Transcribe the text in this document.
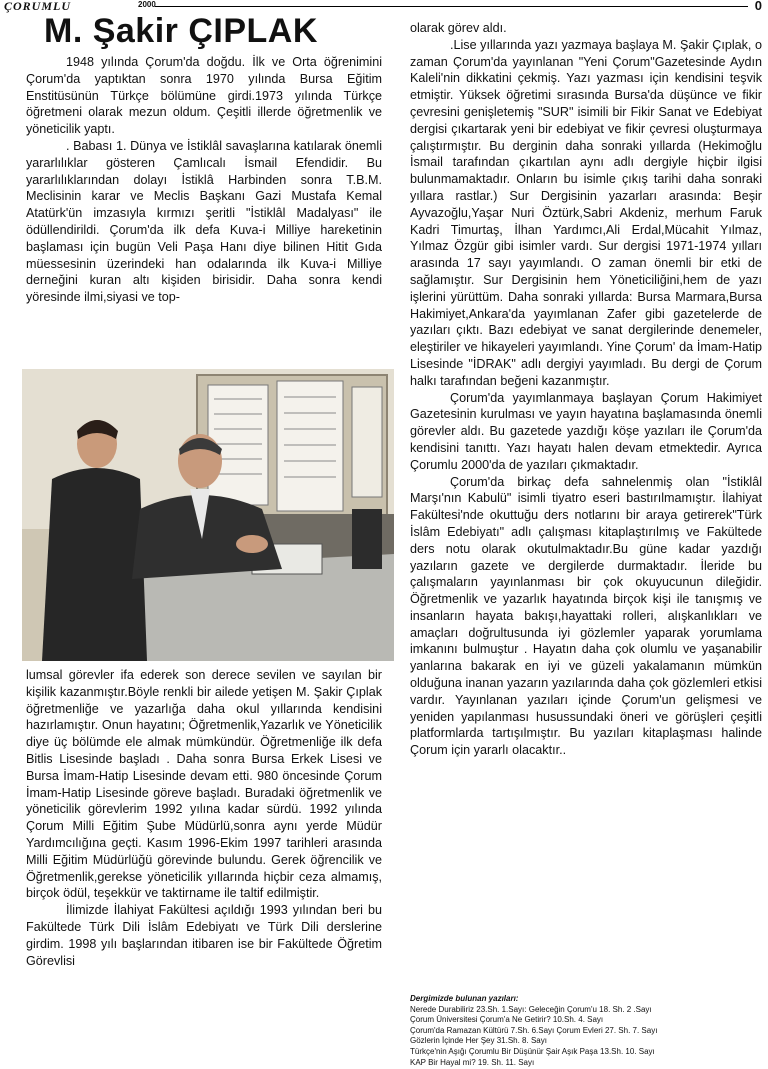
ÇORUMLU	2000	0
M. Şakir ÇIPLAK

1948 yılında Çorum'da doğdu. İlk ve Orta öğrenimini Çorum'da yaptıktan sonra 1970 yılında Bursa Eğitim Enstitüsünün Türkçe bölümüne girdi.1973 yılında Türkçe öğretmeni olarak mezun oldum. Çeşitli illerde öğretmenlik ve yöneticilik yaptı.

. Babası 1. Dünya ve İstiklâl savaşlarına katılarak önemli yararlılıklar gösteren Çamlıcalı İsmail Efendidir. Bu yararlılıklarından dolayı İstiklâ Harbinden sonra T.B.M. Meclisinin karar ve Meclis Başkanı Gazi Mustafa Kemal Atatürk'ün imzasıyla kırmızı şeritli "İstiklâl Madalyası" ile ödüllendirildi. Çorum'da ilk defa Kuva-i Milliye hareketinin başlaması için bugün Veli Paşa Hanı diye bilinen Hitit Gıda müessesinin üzerindeki han odalarında ilk Kuva-i Milliye derneğini kuran altı kişiden birisidir. Daha sonra kendi yöresinde ilmi,siyasi ve top-

lumsal görevler ifa ederek son derece sevilen ve sayılan bir kişilik kazanmıştır.Böyle renkli bir ailede yetişen M. Şakir Çıplak öğretmenliğe ve yazarlığa daha okul yıllarında kendisini hazırlamıştır. Onun hayatını; Öğretmenlik,Yazarlık ve Yöneticilik diye üç bölümde ele almak mümkündür. Öğretmenliğe ilk defa Bitlis Lisesinde başladı . Daha sonra Bursa Erkek Lisesi ve Bursa İmam-Hatip Lisesinde devam etti. 980 öncesinde Çorum İmam-Hatip Lisesinde göreve başladı. Buradaki öğretmenlik ve yöneticilik görevlerim 1992 yılına kadar sürdü. 1992 yılında Çorum Milli Eğitim Şube Müdürlü,sonra aynı yerde Müdür Yardımcılığına geçti. Kasım 1996-Ekim 1997 tarihleri arasında Milli Eğitim Müdürlüğü görevinde bulundu. Gerek öğrencilik ve Öğretmenlik,gerekse yöneticilik yıllarında hiçbir ceza almamış, birçok ödül, teşekkür ve taktirname ile taltif edilmiştir.

İlimizde İlahiyat Fakültesi açıldığı 1993 yılından beri bu Fakültede Türk Dili İslâm Edebiyatı ve Türk Dili derslerine girdim. 1998 yılı başlarından itibaren ise bir Fakültede Öğretim Görevlisi

olarak görev aldı.

.Lise yıllarında yazı yazmaya başlaya M. Şakir Çıplak, o zaman Çorum'da yayınlanan "Yeni Çorum"Gazetesinde Aydın Kaleli'nin dikkatini çekmiş. Yazı yazması için kendisini teşvik etmiştir. Yüksek öğretimi sırasında Bursa'da düşünce ve fikir çevresini genişletemiş "SUR" isimili bir Fikir Sanat ve Edebiyat dergisi çıkartarak yeni bir edebiyat ve fikir çevresi oluşturmaya çalıştırmıştır. Bu derginin daha sonraki yıllarda (Hekimoğlu İsmail tarafından çıkartılan aynı adlı dergiyle hiçbir ilgisi bulunmamaktadır. Onların bu isimle çıkış tarihi daha sonraki yıllara rastlar.) Sur Dergisinin yazarları arasında: Beşir Ayvazoğlu,Yaşar Nuri Öztürk,Sabri Akdeniz, merhum Faruk Kadri Timurtaş, İlhan Yardımcı,Ali Erdal,Mücahit Yılmaz, Yılmaz Özgür gibi isimler vardı. Sur dergisi 1971-1974 yılları arasında 17 sayı yayımlandı. O zaman önemli bir etki de sağlamıştır. Sur Dergisinin hem Yöneticiliğini,hem de yazı işlerini yürüttüm. Daha sonraki yıllarda: Bursa Marmara,Bursa Hakimiyet,Ankara'da yayımlanan Zafer gibi gazetelerde de yazıları çıktı. Bazı edebiyat ve sanat dergilerinde denemeler, eleştiriler ve hikayeleri yayımlandı. Yine Çorum' da İmam-Hatip Lisesinde "İDRAK" adlı dergiyi yayımladı. Bu dergi de Çorum halkı tarafından beğeni kazanmıştır.

Çorum'da yayımlanmaya başlayan Çorum Hakimiyet Gazetesinin kurulması ve yayın hayatına başlamasında önemli görevler aldı. Bu gazetede yazdığı köşe yazıları ile Çorum'da kendisini tanıttı. Yazı hayatı halen devam etmektedir. Ayrıca Çorumlu 2000'da de yazıları çıkmaktadır.

Çorum'da birkaç defa sahnelenmiş olan "İstiklâl Marşı'nın Kabulü" isimli tiyatro eseri bastırılmamıştır. İlahiyat Fakültesi'nde okuttuğu ders notlarını bir araya getirerek"Türk İslâm Edebiyatı" adlı çalışması kitaplaştırılmış ve Fakültede ders notu olarak okutulmaktadır.Bu güne kadar yazdığı yazıların gazete ve dergilerde durmaktadır. İleride bu çalışmaların yayınlanması bir çok okuyucunun dileğidir. Öğretmenlik ve yazarlık hayatında birçok kişi ile tanışmış ve insanların hayata bakışı,hayattaki rolleri, alışkanlıkları ve amaçları doğrultusunda iyi gözlemler yaparak yorumlama imkanını bulmuştur . Hayatın daha çok olumlu ve yaşanabilir yanlarına bakarak en iyi ve güzeli yakalamanın mümkün olduğuna inanan yazarın yazılarında daha çok gözlemleri etkisi vardır. Yayınlanan yazıları içinde Çorum'un gelişmesi ve yeniden yapılanması husussundaki öneri ve görüşleri çeşitli platformlarda tartışılmıştır. Bu yazıları kitaplaşması halinde Çorum için yararlı olacaktır..

Dergimizde bulunan yazıları:
Nerede Durabiliriz 23.Sh. 1.Sayı: Geleceğin Çorum'u 18. Sh. 2 .Sayı
Çorum Üniversitesi Çorum'a Ne Getirir? 10.Sh. 4. Sayı
Çorum'da Ramazan Kültürü 7.Sh. 6.Sayı Çorum Evleri 27. Sh. 7. Sayı
Gözlerin İçinde Her Şey 31.Sh. 8. Sayı
Türkçe'nin Aşığı Çorumlu Bir Düşünür Şair Aşık Paşa 13.Sh. 10. Sayı
KAP Bir Hayal mi? 19. Sh. 11. Sayı
